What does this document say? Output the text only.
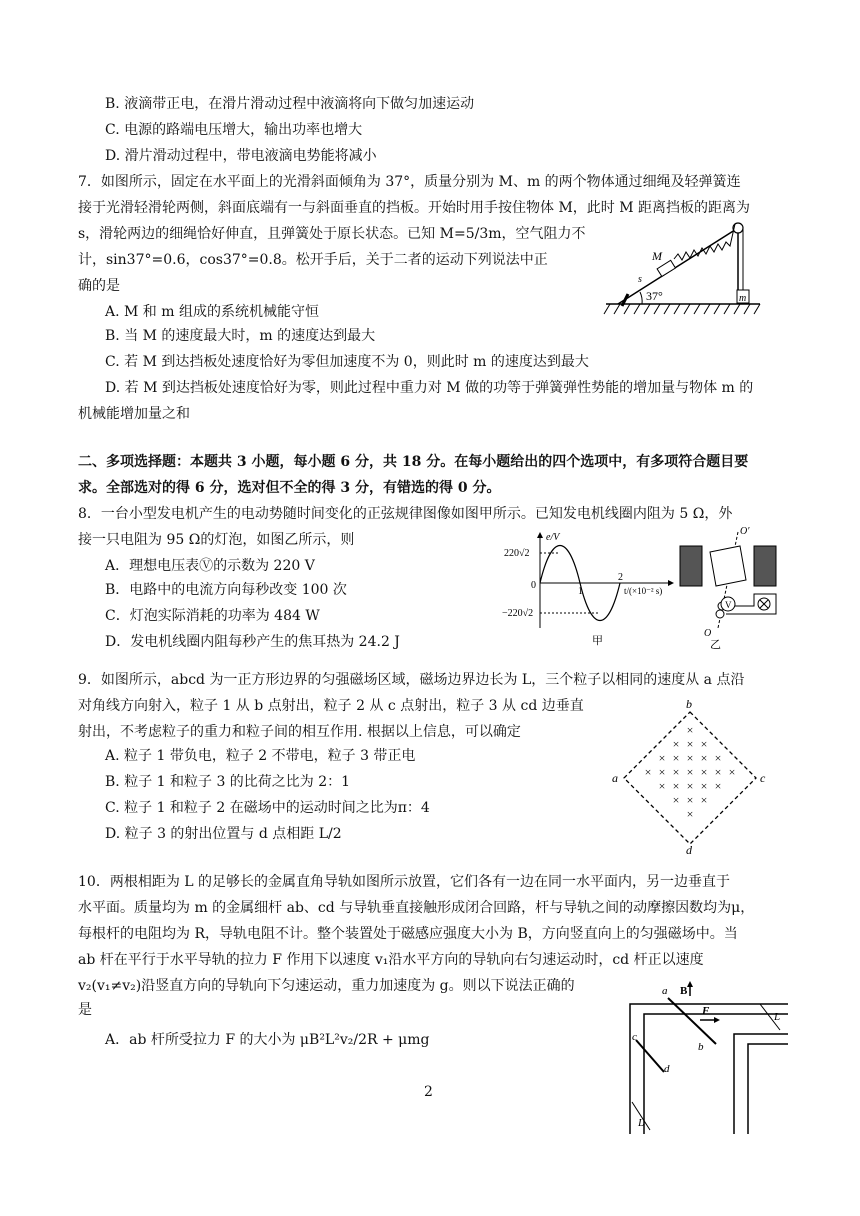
B. 液滴带正电，在滑片滑动过程中液滴将向下做匀加速运动
C. 电源的路端电压增大，输出功率也增大
D. 滑片滑动过程中，带电液滴电势能将减小
7．如图所示，固定在水平面上的光滑斜面倾角为 37°，质量分别为 M、m 的两个物体通过细绳及轻弹簧连
接于光滑轻滑轮两侧，斜面底端有一与斜面垂直的挡板。开始时用手按住物体 M，此时 M 距离挡板的距离为
s，滑轮两边的细绳恰好伸直，且弹簧处于原长状态。已知 M=5/3m，空气阻力不
计，sin37°=0.6，cos37°=0.8。松开手后，关于二者的运动下列说法中正
确的是
A. M 和 m 组成的系统机械能守恒
B. 当 M 的速度最大时，m 的速度达到最大
C. 若 M 到达挡板处速度恰好为零但加速度不为 0，则此时 m 的速度达到最大
D. 若 M 到达挡板处速度恰好为零，则此过程中重力对 M 做的功等于弹簧弹性势能的增加量与物体 m 的
机械能增加量之和
M
s
37°	m
二、多项选择题：本题共 3 小题，每小题 6 分，共 18 分。在每小题给出的四个选项中，有多项符合题目要
求。全部选对的得 6 分，选对但不全的得 3 分，有错选的得 0 分。
8．一台小型发电机产生的电动势随时间变化的正弦规律图像如图甲所示。已知发电机线圈内阻为 5 Ω，外
接一只电阻为 95 Ω的灯泡，如图乙所示，则
A．理想电压表Ⓥ的示数为 220 V
B．电路中的电流方向每秒改变 100 次
C．灯泡实际消耗的功率为 484 W
D．发电机线圈内阻每秒产生的焦耳热为 24.2 J
e/V
220√2
−220√2
0
1
2
t/(×10⁻² s)
甲
V
O′
O
乙
9．如图所示，abcd 为一正方形边界的匀强磁场区域，磁场边界边长为 L，三个粒子以相同的速度从 a 点沿
对角线方向射入，粒子 1 从 b 点射出，粒子 2 从 c 点射出，粒子 3 从 cd 边垂直
射出，不考虑粒子的重力和粒子间的相互作用. 根据以上信息，可以确定
A. 粒子 1 带负电，粒子 2 不带电，粒子 3 带正电
B. 粒子 1 和粒子 3 的比荷之比为 2：1
C. 粒子 1 和粒子 2 在磁场中的运动时间之比为π：4
D. 粒子 3 的射出位置与 d 点相距 L/2
×
× × ×
× × × × ×
× × × × × × ×
× × × × ×
× × ×
×
b
a	c
d
10．两根相距为 L 的足够长的金属直角导轨如图所示放置，它们各有一边在同一水平面内，另一边垂直于
水平面。质量均为 m 的金属细杆 ab、cd 与导轨垂直接触形成闭合回路，杆与导轨之间的动摩擦因数均为μ，
每根杆的电阻均为 R，导轨电阻不计。整个装置处于磁感应强度大小为 B，方向竖直向上的匀强磁场中。当
ab 杆在平行于水平导轨的拉力 F 作用下以速度 v₁沿水平方向的导轨向右匀速运动时，cd 杆正以速度
v₂(v₁≠v₂)沿竖直方向的导轨向下匀速运动，重力加速度为 g。则以下说法正确的
是
A．ab 杆所受拉力 F 的大小为 μB²L²v₂/2R + μmg
a B
F
b
L
c
d
L
2
